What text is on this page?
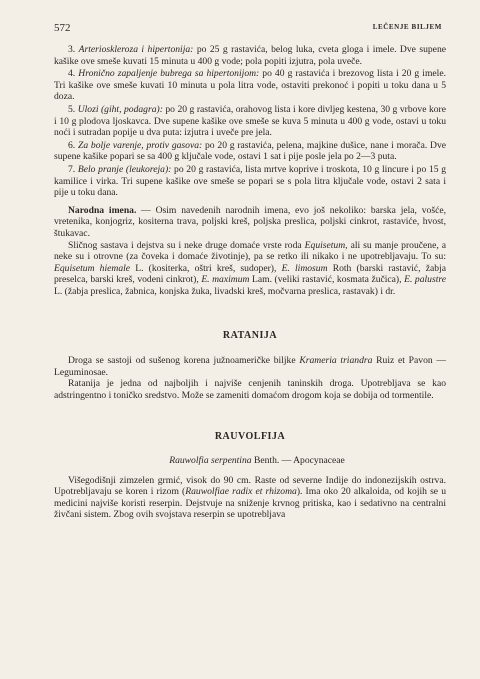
572	LEČENJE BILJEM

3. Arterioskleroza i hipertonija: po 25 g rastavića, belog luka, cveta gloga i imele. Dve supene kašike ove smeše kuvati 15 minuta u 400 g vode; pola popiti izjutra, pola uveče.

4. Hronično zapaljenje bubrega sa hipertonijom: po 40 g rastavića i brezovog lista i 20 g imele. Tri kašike ove smeše kuvati 10 minuta u pola litra vode, ostaviti prekonoć i popiti u toku dana u 5 doza.

5. Ulozi (giht, podagra): po 20 g rastavića, orahovog lista i kore divljeg kestena, 30 g vrbove kore i 10 g plodova ljoskavca. Dve supene kašike ove smeše se kuva 5 minuta u 400 g vode, ostavi u toku noći i sutradan popije u dva puta: izjutra i uveče pre jela.

6. Za bolje varenje, protiv gasova: po 20 g rastavića, pelena, majkine dušice, nane i morača. Dve supene kašike popari se sa 400 g ključale vode, ostavi 1 sat i pije posle jela po 2—3 puta.

7. Belo pranje (leukoreja): po 20 g rastavića, lista mrtve koprive i troskota, 10 g lincure i po 15 g kamilice i virka. Tri supene kašike ove smeše se popari se s pola litra ključale vode, ostavi 2 sata i pije u toku dana.

Narodna imena. — Osim navedenih narodnih imena, evo još nekoliko: barska jela, vošće, vretenika, konjogriz, kositerna trava, poljski kreš, poljska preslica, poljski cinkrot, rastaviće, hvost, štukavac.

Sličnog sastava i dejstva su i neke druge domaće vrste roda Equisetum, ali su manje proučene, a neke su i otrovne (za čoveka i domaće životinje), pa se retko ili nikako i ne upotrebljavaju. To su: Equisetum hiemale L. (kositerka, oštri kreš, sudoper), E. limosum Roth (barski rastavić, žabja preselca, barski kreš, vodeni cinkrot), E. maximum Lam. (veliki rastavić, kosmata žučica), E. palustre L. (žabja preslica, žabnica, konjska žuka, livadski kreš, močvarna preslica, rastavak) i dr.

RATANIJA

Droga se sastoji od sušenog korena južnoameričke biljke Krameria triandra Ruiz et Pavon — Leguminosae.

Ratanija je jedna od najboljih i najviše cenjenih taninskih droga. Upotrebljava se kao adstringentno i toničko sredstvo. Može se zameniti domaćom drogom koja se dobija od tormentile.

RAUVOLFIJA

Rauwolfia serpentina Benth. — Apocynaceae

Višegodišnji zimzelen grmić, visok do 90 cm. Raste od severne Indije do indonezijskih ostrva. Upotrebljavaju se koren i rizom (Rauwolfiae radix et rhizoma). Ima oko 20 alkaloida, od kojih se u medicini najviše koristi reserpin. Dejstvuje na sniženje krvnog pritiska, kao i sedativno na centralni živčani sistem. Zbog ovih svojstava reserpin se upotrebljava
